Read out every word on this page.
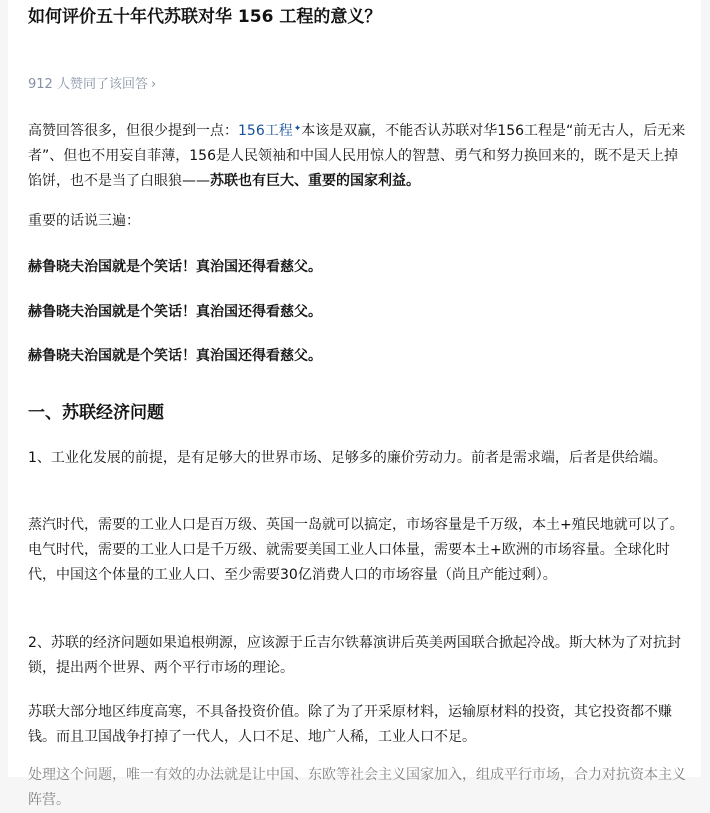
如何评价五十年代苏联对华 156 工程的意义？
912 人赞同了该回答 ›

高赞回答很多，但很少提到一点：156工程✦本该是双赢，不能否认苏联对华156工程是“前无古人，后无来者”、但也不用妄自菲薄，156是人民领袖和中国人民用惊人的智慧、勇气和努力换回来的，既不是天上掉馅饼，也不是当了白眼狼——苏联也有巨大、重要的国家利益。

重要的话说三遍：

赫鲁晓夫治国就是个笑话！真治国还得看慈父。

赫鲁晓夫治国就是个笑话！真治国还得看慈父。

赫鲁晓夫治国就是个笑话！真治国还得看慈父。

一、苏联经济问题

1、工业化发展的前提，是有足够大的世界市场、足够多的廉价劳动力。前者是需求端，后者是供给端。

蒸汽时代，需要的工业人口是百万级、英国一岛就可以搞定，市场容量是千万级，本土+殖民地就可以了。电气时代，需要的工业人口是千万级、就需要美国工业人口体量，需要本土+欧洲的市场容量。全球化时代，中国这个体量的工业人口、至少需要30亿消费人口的市场容量（尚且产能过剩）。

2、苏联的经济问题如果追根朔源，应该源于丘吉尔铁幕演讲后英美两国联合掀起冷战。斯大林为了对抗封锁，提出两个世界、两个平行市场的理论。

苏联大部分地区纬度高寒，不具备投资价值。除了为了开采原材料，运输原材料的投资，其它投资都不赚钱。而且卫国战争打掉了一代人，人口不足、地广人稀，工业人口不足。

处理这个问题，唯一有效的办法就是让中国、东欧等社会主义国家加入，组成平行市场，合力对抗资本主义阵营。
